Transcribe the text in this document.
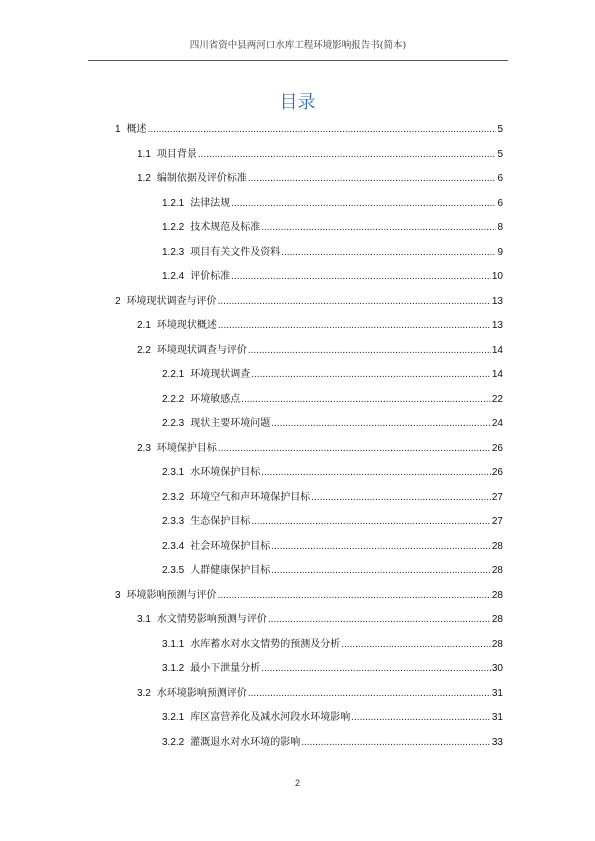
四川省资中县两河口水库工程环境影响报告书(简本)
目录
1 概述 .....	5
1.1 项目背景 .....	5
1.2 编制依据及评价标准 .....	6
1.2.1 法律法规 .....	6
1.2.2 技术规范及标准 .....	8
1.2.3 项目有关文件及资料 .....	9
1.2.4 评价标准 .....	10
2 环境现状调查与评价 .....	13
2.1 环境现状概述 .....	13
2.2 环境现状调查与评价 .....	14
2.2.1 环境现状调查 .....	14
2.2.2 环境敏感点 .....	22
2.2.3 现状主要环境问题 .....	24
2.3 环境保护目标 .....	26
2.3.1 水环境保护目标 .....	26
2.3.2 环境空气和声环境保护目标 .....	27
2.3.3 生态保护目标 .....	27
2.3.4 社会环境保护目标 .....	28
2.3.5 人群健康保护目标 .....	28
3 环境影响预测与评价 .....	28
3.1 水文情势影响预测与评价 .....	28
3.1.1 水库蓄水对水文情势的预测及分析 .....	28
3.1.2 最小下泄量分析 .....	30
3.2 水环境影响预测评价 .....	31
3.2.1 库区富营养化及减水河段水环境影响 .....	31
3.2.2 灌溉退水对水环境的影响 .....	33
2
